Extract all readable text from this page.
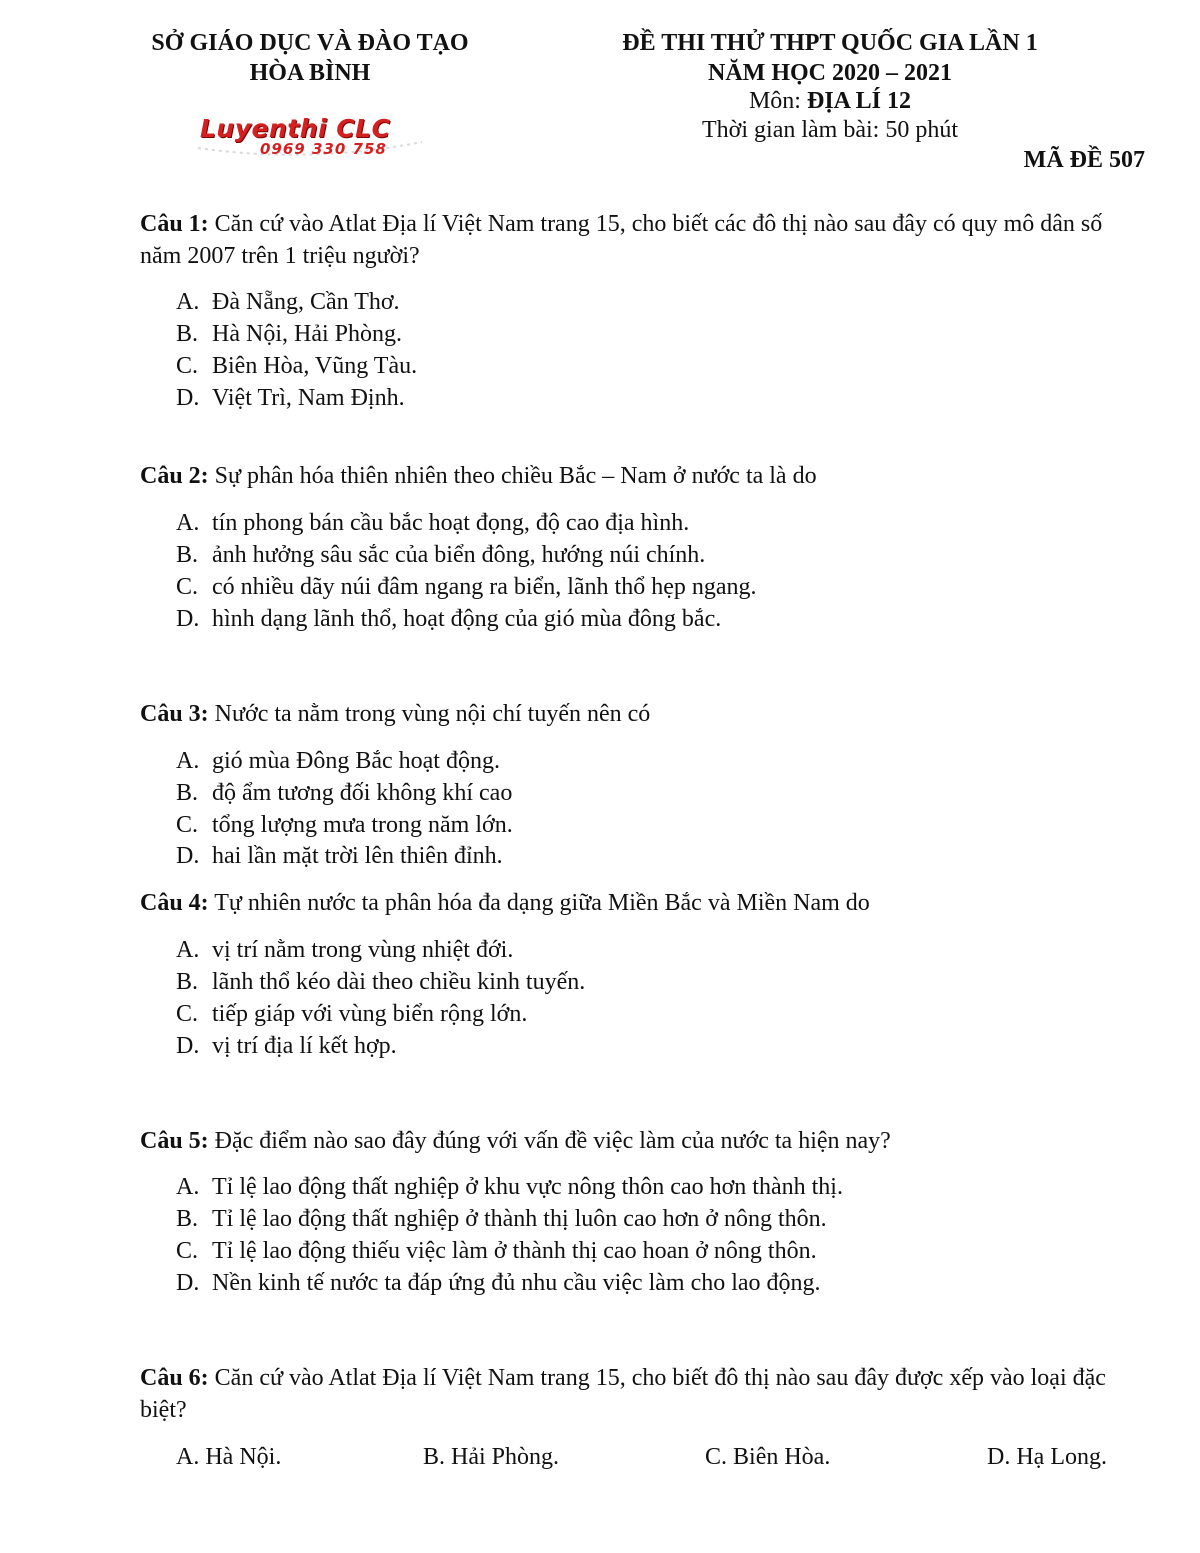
SỞ GIÁO DỤC VÀ ĐÀO TẠO
HÒA BÌNH
Luyenthi CLC
0969 330 758
ĐỀ THI THỬ THPT QUỐC GIA LẦN 1
NĂM HỌC 2020 – 2021
Môn: ĐỊA LÍ 12
Thời gian làm bài: 50 phút
MÃ ĐỀ 507
Câu 1: Căn cứ vào Atlat Địa lí Việt Nam trang 15, cho biết các đô thị nào sau đây có quy mô dân số năm 2007 trên 1 triệu người?
A. Đà Nẵng, Cần Thơ.
B. Hà Nội, Hải Phòng.
C. Biên Hòa, Vũng Tàu.
D. Việt Trì, Nam Định.
Câu 2: Sự phân hóa thiên nhiên theo chiều Bắc – Nam ở nước ta là do
A. tín phong bán cầu bắc hoạt đọng, độ cao địa hình.
B. ảnh hưởng sâu sắc của biển đông, hướng núi chính.
C. có nhiều dãy núi đâm ngang ra biển, lãnh thổ hẹp ngang.
D. hình dạng lãnh thổ, hoạt động của gió mùa đông bắc.
Câu 3: Nước ta nằm trong vùng nội chí tuyến nên có
A. gió mùa Đông Bắc hoạt động.
B. độ ẩm tương đối không khí cao
C. tổng lượng mưa trong năm lớn.
D. hai lần mặt trời lên thiên đỉnh.
Câu 4: Tự nhiên nước ta phân hóa đa dạng giữa Miền Bắc và Miền Nam do
A. vị trí nằm trong vùng nhiệt đới.
B. lãnh thổ kéo dài theo chiều kinh tuyến.
C. tiếp giáp với vùng biển rộng lớn.
D. vị trí địa lí kết hợp.
Câu 5: Đặc điểm nào sao đây đúng với vấn đề việc làm của nước ta hiện nay?
A. Tỉ lệ lao động thất nghiệp ở khu vực nông thôn cao hơn thành thị.
B. Tỉ lệ lao động thất nghiệp ở thành thị luôn cao hơn ở nông thôn.
C. Tỉ lệ lao động thiếu việc làm ở thành thị cao hoan ở nông thôn.
D. Nền kinh tế nước ta đáp ứng đủ nhu cầu việc làm cho lao động.
Câu 6: Căn cứ vào Atlat Địa lí Việt Nam trang 15, cho biết đô thị nào sau đây được xếp vào loại đặc biệt?
A. Hà Nội.	B. Hải Phòng.	C. Biên Hòa.	D. Hạ Long.
